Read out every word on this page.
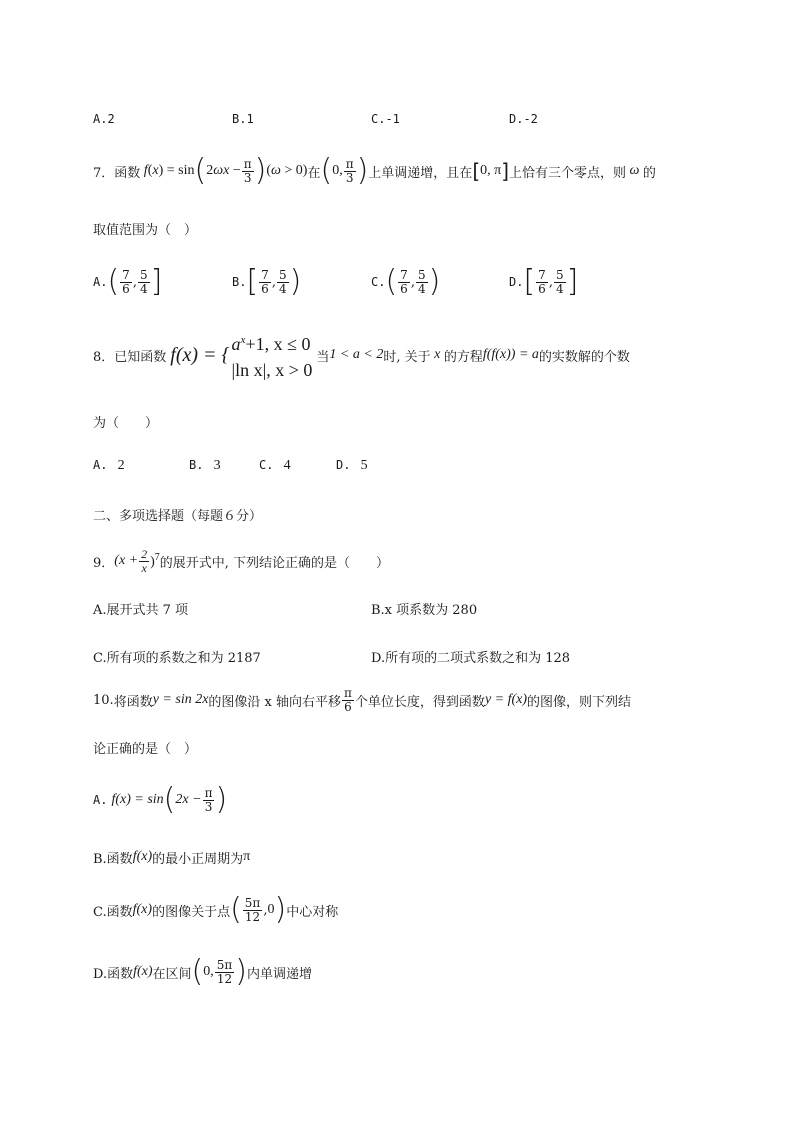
A.2	B.1	C.-1	D.-2
7． 函数 f(x) = sin ( $2\omega x - \frac{\pi}{3}$ ) (ω > 0) 在 ( 0, $\frac{\pi}{3}$ ) 上单调递增，且在 [0, π] 上恰有三个零点，则 ω 的
取值范围为（　）
A. ( $\frac{7}{6}$ , $\frac{5}{4}$ ]	B. [ $\frac{7}{6}$ , $\frac{5}{4}$ )	C. ( $\frac{7}{6}$ , $\frac{5}{4}$ )	D. [ $\frac{7}{6}$ , $\frac{5}{4}$ ]
8． 已知函数 f(x) = { $a^x+1$, x ≤ 0
|ln x|, x > 0
当 1 < a < 2 时, 关于 x 的方程 f(f(x)) = a 的实数解的个数
为（　　）
A. 2	B. 3	C. 4	D. 5
二、多项选择题（每题６分）
9． $(x + \frac{2}{x} )^7$ 的展开式中, 下列结论正确的是（　　）
A.展开式共 7 项	B.x 项系数为 280
C.所有项的系数之和为 2187	D.所有项的二项式系数之和为 128
10. 将函数 y = sin 2x 的图像沿 x 轴向右平移 $\frac{\pi}{6}$ 个单位长度，得到函数 y = f(x) 的图像，则下列结
论正确的是（　）
A. f(x) = sin ( $2x - \frac{\pi}{3}$ )
B.函数 f(x) 的最小正周期为 π
C.函数 f(x) 的图像关于点 ( $\frac{5\pi}{12}$ , 0 ) 中心对称
D.函数 f(x) 在区间 ( 0, $\frac{5\pi}{12}$ ) 内单调递增
